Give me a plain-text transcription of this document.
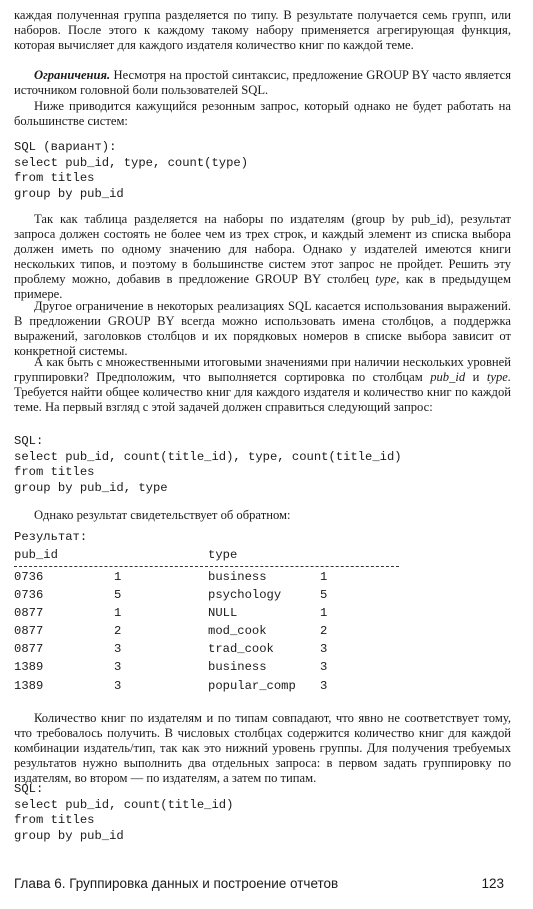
каждая полученная группа разделяется по типу. В результате получается семь групп, или наборов. После этого к каждому такому набору применяется агрегирующая функция, которая вычисляет для каждого издателя количество книг по каждой теме.

Ограничения. Несмотря на простой синтаксис, предложение GROUP BY часто является источником головной боли пользователей SQL.

Ниже приводится кажущийся резонным запрос, который однако не будет работать на большинстве систем:

SQL (вариант):
select pub_id, type, count(type)
from titles
group by pub_id

Так как таблица разделяется на наборы по издателям (group by pub_id), результат запроса должен состоять не более чем из трех строк, и каждый элемент из списка выбора должен иметь по одному значению для набора. Однако у издателей имеются книги нескольких типов, и поэтому в большинстве систем этот запрос не пройдет. Решить эту проблему можно, добавив в предложение GROUP BY столбец type, как в предыдущем примере.

Другое ограничение в некоторых реализациях SQL касается использования выражений. В предложении GROUP BY всегда можно использовать имена столбцов, а поддержка выражений, заголовков столбцов и их порядковых номеров в списке выбора зависит от конкретной системы.

А как быть с множественными итоговыми значениями при наличии нескольких уровней группировки? Предположим, что выполняется сортировка по столбцам pub_id и type. Требуется найти общее количество книг для каждого издателя и количество книг по каждой теме. На первый взгляд с этой задачей должен справиться следующий запрос:

SQL:
select pub_id, count(title_id), type, count(title_id)
from titles
group by pub_id, type

Однако результат свидетельствует об обратном:

Результат:
pub_id	type
0736	1	business	1
0736	5	psychology	5
0877	1	NULL	1
0877	2	mod_cook	2
0877	3	trad_cook	3
1389	3	business	3
1389	3	popular_comp 3

Количество книг по издателям и по типам совпадают, что явно не соответствует тому, что требовалось получить. В числовых столбцах содержится количество книг для каждой комбинации издатель/тип, так как это нижний уровень группы. Для получения требуемых результатов нужно выполнить два отдельных запроса: в первом задать группировку по издателям, во втором — по издателям, а затем по типам.

SQL:
select pub_id, count(title_id)
from titles
group by pub_id
Глава 6. Группировка данных и построение отчетов	123
